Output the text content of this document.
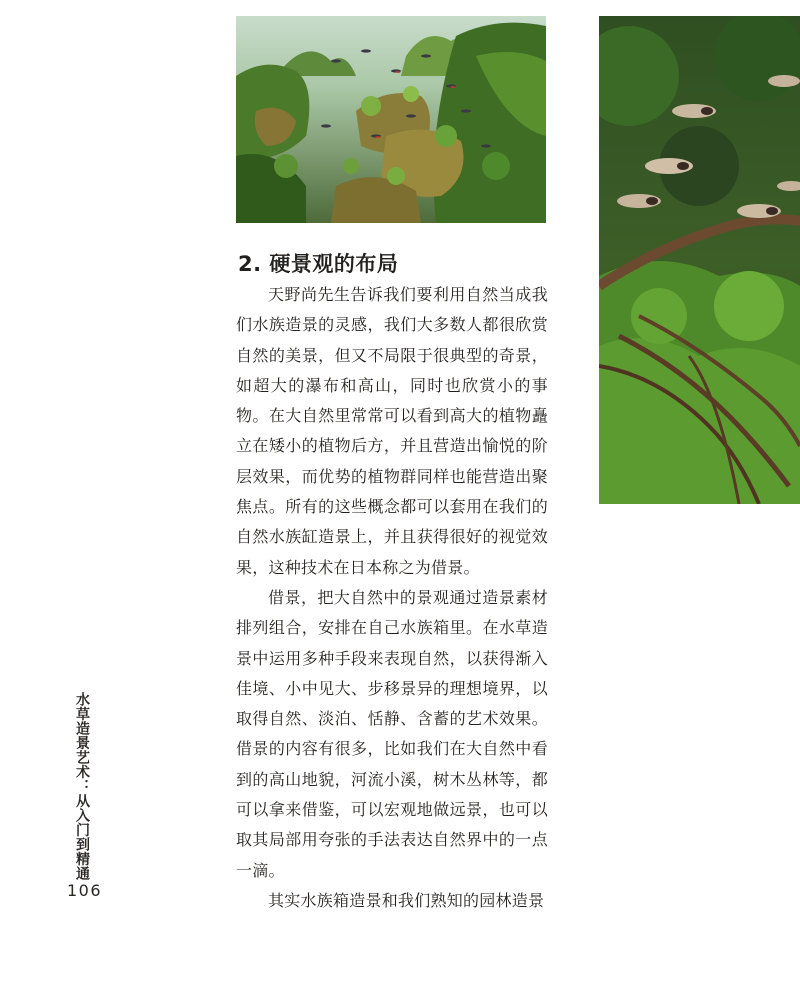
2. 硬景观的布局

天野尚先生告诉我们要利用自然当成我们水族造景的灵感，我们大多数人都很欣赏自然的美景，但又不局限于很典型的奇景，如超大的瀑布和高山，同时也欣赏小的事物。在大自然里常常可以看到高大的植物矗立在矮小的植物后方，并且营造出愉悦的阶层效果，而优势的植物群同样也能营造出聚焦点。所有的这些概念都可以套用在我们的自然水族缸造景上，并且获得很好的视觉效果，这种技术在日本称之为借景。

借景，把大自然中的景观通过造景素材排列组合，安排在自己水族箱里。在水草造景中运用多种手段来表现自然，以获得渐入佳境、小中见大、步移景异的理想境界，以取得自然、淡泊、恬静、含蓄的艺术效果。借景的内容有很多，比如我们在大自然中看到的高山地貌，河流小溪，树木丛林等，都可以拿来借鉴，可以宏观地做远景，也可以取其局部用夸张的手法表达自然界中的一点一滴。

其实水族箱造景和我们熟知的园林造景

水草造景艺术：从入门到精通
106
